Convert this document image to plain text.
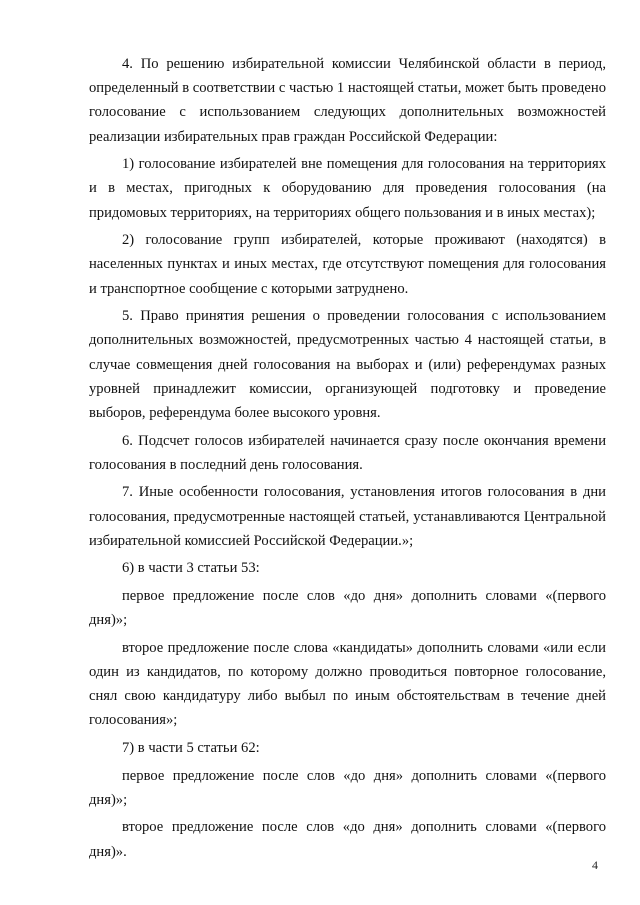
4. По решению избирательной комиссии Челябинской области в период, определенный в соответствии с частью 1 настоящей статьи, может быть проведено голосование с использованием следующих дополнительных возможностей реализации избирательных прав граждан Российской Федерации:

1) голосование избирателей вне помещения для голосования на территориях и в местах, пригодных к оборудованию для проведения голосования (на придомовых территориях, на территориях общего пользования и в иных местах);

2) голосование групп избирателей, которые проживают (находятся) в населенных пунктах и иных местах, где отсутствуют помещения для голосования и транспортное сообщение с которыми затруднено.

5. Право принятия решения о проведении голосования с использованием дополнительных возможностей, предусмотренных частью 4 настоящей статьи, в случае совмещения дней голосования на выборах и (или) референдумах разных уровней принадлежит комиссии, организующей подготовку и проведение выборов, референдума более высокого уровня.

6. Подсчет голосов избирателей начинается сразу после окончания времени голосования в последний день голосования.

7. Иные особенности голосования, установления итогов голосования в дни голосования, предусмотренные настоящей статьей, устанавливаются Центральной избирательной комиссией Российской Федерации.»;

6) в части 3 статьи 53:

первое предложение после слов «до дня» дополнить словами «(первого дня)»;

второе предложение после слова «кандидаты» дополнить словами «или если один из кандидатов, по которому должно проводиться повторное голосование, снял свою кандидатуру либо выбыл по иным обстоятельствам в течение дней голосования»;

7) в части 5 статьи 62:

первое предложение после слов «до дня» дополнить словами «(первого дня)»;

второе предложение после слов «до дня» дополнить словами «(первого дня)».

4
